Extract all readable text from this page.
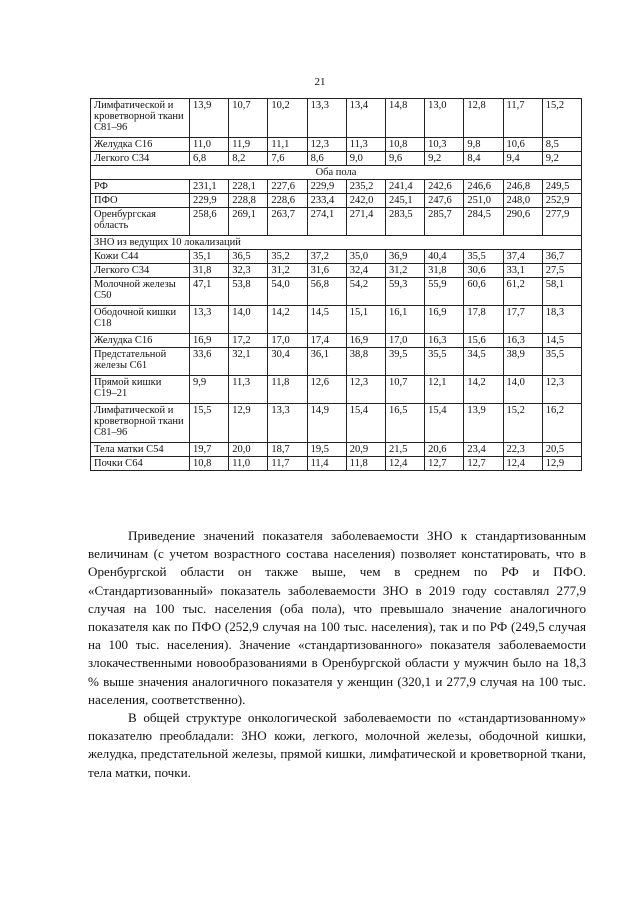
21
Лимфатической и кроветворной ткани С81–96	13,9	10,7	10,2	13,3	13,4	14,8	13,0	12,8	11,7	15,2
Желудка С16	11,0	11,9	11,1	12,3	11,3	10,8	10,3	9,8	10,6	8,5
Легкого С34	6,8	8,2	7,6	8,6	9,0	9,6	9,2	8,4	9,4	9,2
Оба пола										
РФ	231,1	228,1	227,6	229,9	235,2	241,4	242,6	246,6	246,8	249,5
ПФО	229,9	228,8	228,6	233,4	242,0	245,1	247,6	251,0	248,0	252,9
Оренбургская область	258,6	269,1	263,7	274,1	271,4	283,5	285,7	284,5	290,6	277,9
ЗНО из ведущих 10 локализаций										
Кожи С44	35,1	36,5	35,2	37,2	35,0	36,9	40,4	35,5	37,4	36,7
Легкого С34	31,8	32,3	31,2	31,6	32,4	31,2	31,8	30,6	33,1	27,5
Молочной железы С50	47,1	53,8	54,0	56,8	54,2	59,3	55,9	60,6	61,2	58,1
Ободочной кишки С18	13,3	14,0	14,2	14,5	15,1	16,1	16,9	17,8	17,7	18,3
Желудка С16	16,9	17,2	17,0	17,4	16,9	17,0	16,3	15,6	16,3	14,5
Предстательной железы С61	33,6	32,1	30,4	36,1	38,8	39,5	35,5	34,5	38,9	35,5
Прямой кишки С19–21	9,9	11,3	11,8	12,6	12,3	10,7	12,1	14,2	14,0	12,3
Лимфатической и кроветворной ткани С81–96	15,5	12,9	13,3	14,9	15,4	16,5	15,4	13,9	15,2	16,2
Тела матки С54	19,7	20,0	18,7	19,5	20,9	21,5	20,6	23,4	22,3	20,5
Почки С64	10,8	11,0	11,7	11,4	11,8	12,4	12,7	12,7	12,4	12,9

Приведение значений показателя заболеваемости ЗНО к стандартизованным величинам (с учетом возрастного состава населения) позволяет констатировать, что в Оренбургской области он также выше, чем в среднем по РФ и ПФО. «Стандартизованный» показатель заболеваемости ЗНО в 2019 году составлял 277,9 случая на 100 тыс. населения (оба пола), что превышало значение аналогичного показателя как по ПФО (252,9 случая на 100 тыс. населения), так и по РФ (249,5 случая на 100 тыс. населения). Значение «стандартизованного» показателя заболеваемости злокачественными новообразованиями в Оренбургской области у мужчин было на 18,3 % выше значения аналогичного показателя у женщин (320,1 и 277,9 случая на 100 тыс. населения, соответственно).

В общей структуре онкологической заболеваемости по «стандартизованному» показателю преобладали: ЗНО кожи, легкого, молочной железы, ободочной кишки, желудка, предстательной железы, прямой кишки, лимфатической и кроветворной ткани, тела матки, почки.
